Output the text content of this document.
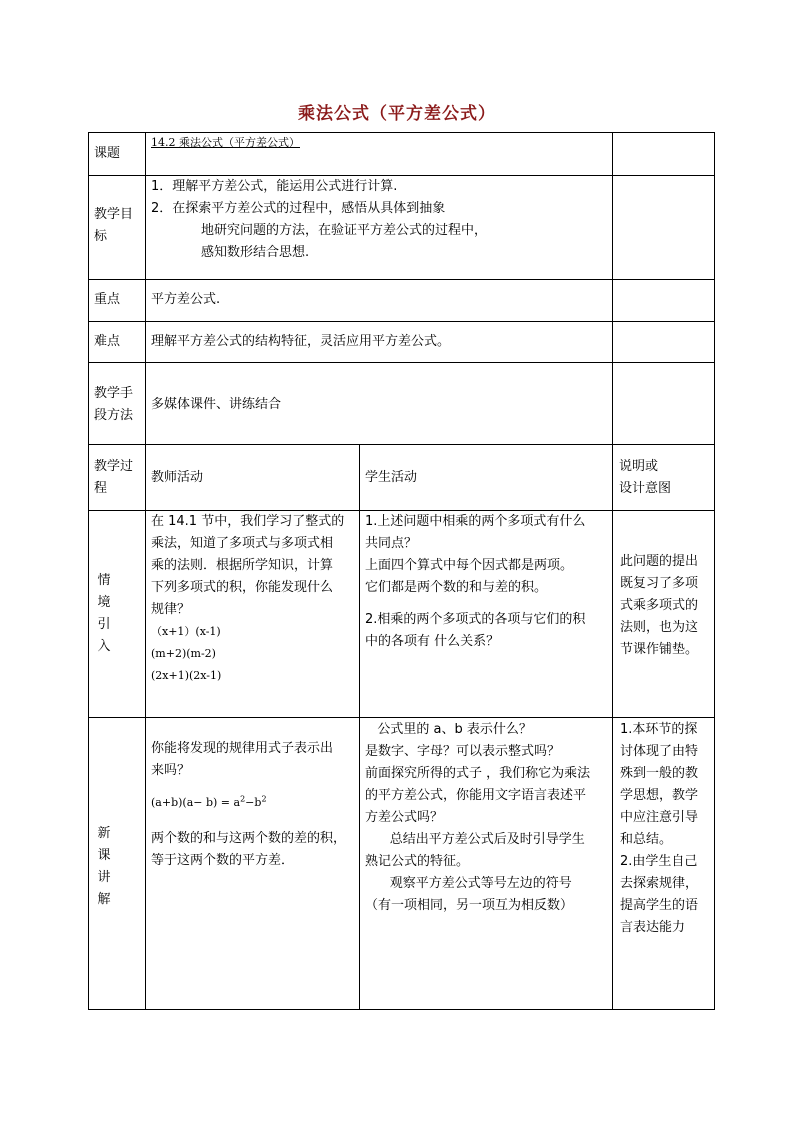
乘法公式（平方差公式）
课题
14.2 乘法公式（平方差公式）
教学目
标
1．理解平方差公式，能运用公式进行计算.
2．在探索平方差公式的过程中，感悟从具体到抽象
地研究问题的方法，在验证平方差公式的过程中，
感知数形结合思想.
重点 平方差公式.
难点 理解平方差公式的结构特征，灵活应用平方差公式。
教学手
段方法
多媒体课件、讲练结合
教学过
程
教师活动	学生活动
说明或
设计意图
情
境
引
入
在 14.1 节中，我们学习了整式的
乘法，知道了多项式与多项式相
乘的法则．根据所学知识，计算
下列多项式的积，你能发现什么
规律？
（x+1）(x-1)
(m+2)(m-2)
(2x+1)(2x-1)
1.上述问题中相乘的两个多项式有什么
共同点？
上面四个算式中每个因式都是两项。
它们都是两个数的和与差的积。
2.相乘的两个多项式的各项与它们的积
中的各项有 什么关系？
此问题的提出
既复习了多项
式乘多项式的
法则，也为这
节课作铺垫。
新
课
讲
解
你能将发现的规律用式子表示出
来吗？
$(a+b)(a- b) = a^2-b^2$
两个数的和与这两个数的差的积，
等于这两个数的平方差．
公式里的 a、b 表示什么？
是数字、字母？可以表示整式吗？
前面探究所得的式子 ，我们称它为乘法
的平方差公式，你能用文字语言表述平
方差公式吗？
总结出平方差公式后及时引导学生
熟记公式的特征。
观察平方差公式等号左边的符号
（有一项相同，另一项互为相反数）
1.本环节的探
讨体现了由特
殊到一般的教
学思想，教学
中应注意引导
和总结。
2.由学生自己
去探索规律，
提高学生的语
言表达能力
